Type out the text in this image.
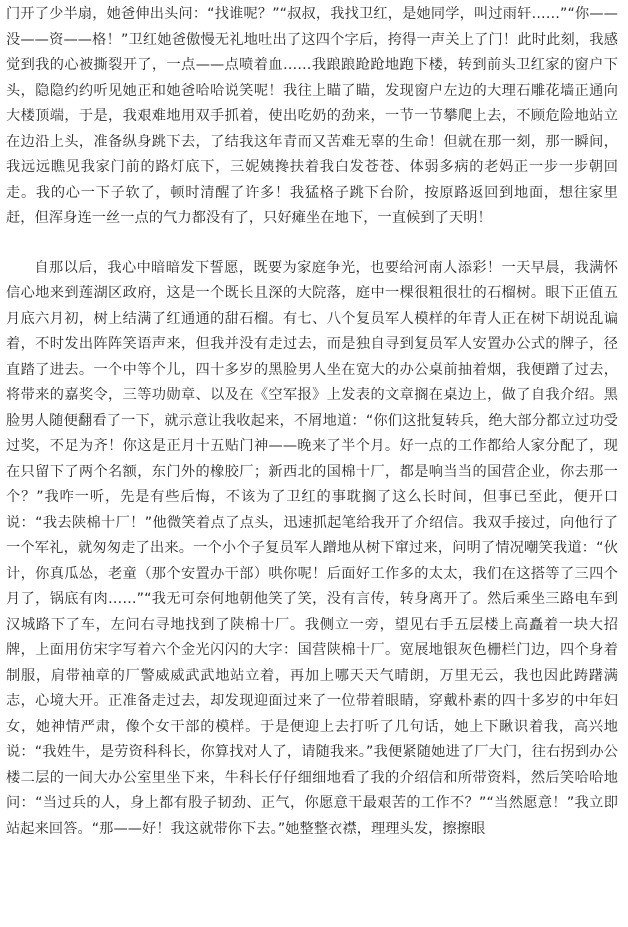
门开了少半扇，她爸伸出头问：“找谁呢？”“叔叔，我找卫红，是她同学，叫过雨轩……”“你——没——资——格！”卫红她爸傲慢无礼地吐出了这四个字后，挎得一声关上了门！此时此刻，我感觉到我的心被撕裂开了，一点——点喷着血……我踉踉跄跄地跑下楼，转到前头卫红家的窗户下头，隐隐约约听见她正和她爸哈哈说笑呢！我往上瞄了瞄，发现窗户左边的大理石雕花墙正通向大楼顶端，于是，我艰难地用双手抓着，使出吃奶的劲来，一节一节攀爬上去，不顾危险地站立在边沿上头，准备纵身跳下去，了结我这年青而又苦难无辜的生命！但就在那一刻，那一瞬间，我远远瞧见我家门前的路灯底下，三妮姨搀扶着我白发苍苍、体弱多病的老妈正一步一步朝回走。我的心一下子软了，顿时清醒了许多！我猛格子跳下台阶，按原路返回到地面，想往家里赶，但浑身连一丝一点的气力都没有了，只好瘫坐在地下，一直候到了天明！

自那以后，我心中暗暗发下誓愿，既要为家庭争光，也要给河南人添彩！一天早晨，我满怀信心地来到莲湖区政府，这是一个既长且深的大院落，庭中一棵很粗很壮的石榴树。眼下正值五月底六月初，树上结满了红通通的甜石榴。有七、八个复员军人模样的年青人正在树下胡说乱谝着，不时发出阵阵笑语声来，但我并没有走过去，而是独自寻到复员军人安置办公式的牌子，径直踏了进去。一个中等个儿，四十多岁的黑脸男人坐在宽大的办公桌前抽着烟，我便蹭了过去，将带来的嘉奖令，三等功勋章、以及在《空军报》上发表的文章搁在桌边上，做了自我介绍。黑脸男人随便翻看了一下，就示意让我收起来，不屑地道：“你们这批复转兵，绝大部分都立过功受过奖，不足为齐！你这是正月十五贴门神——晚来了半个月。好一点的工作都给人家分配了，现在只留下了两个名额，东门外的橡胶厂；新西北的国棉十厂，都是响当当的国营企业，你去那一个？”我咋一听，先是有些后悔，不该为了卫红的事耽搁了这么长时间，但事已至此，便开口说：“我去陕棉十厂！”他微笑着点了点头，迅速抓起笔给我开了介绍信。我双手接过，向他行了一个军礼，就匆匆走了出来。一个小个子复员军人蹭地从树下窜过来，问明了情况嘲笑我道：“伙计，你真瓜怂，老童（那个安置办干部）哄你呢！后面好工作多的太太，我们在这搭等了三四个月了，锅底有肉……”“我无可奈何地朝他笑了笑，没有言传，转身离开了。然后乘坐三路电车到汉城路下了车，左问右寻地找到了陕棉十厂。我侧立一旁，望见右手五层楼上高矗着一块大招牌，上面用仿宋字写着六个金光闪闪的大字：国营陕棉十厂。宽展地银灰色栅栏门边，四个身着制服，肩带袖章的厂警威威武武地站立着，再加上哪天天气晴朗，万里无云，我也因此踌躇满志，心境大开。正准备走过去，却发现迎面过来了一位带着眼睛，穿戴朴素的四十多岁的中年妇女，她神情严肃，像个女干部的模样。于是便迎上去打听了几句话，她上下瞅识着我，高兴地说：“我姓牛，是劳资科科长，你算找对人了，请随我来。”我便紧随她进了厂大门，往右拐到办公楼二层的一间大办公室里坐下来，牛科长仔仔细细地看了我的介绍信和所带资料，然后笑哈哈地问：“当过兵的人，身上都有股子韧劲、正气，你愿意干最艰苦的工作不？”“当然愿意！”我立即站起来回答。“那——好！我这就带你下去。”她整整衣襟，理理头发，擦擦眼
